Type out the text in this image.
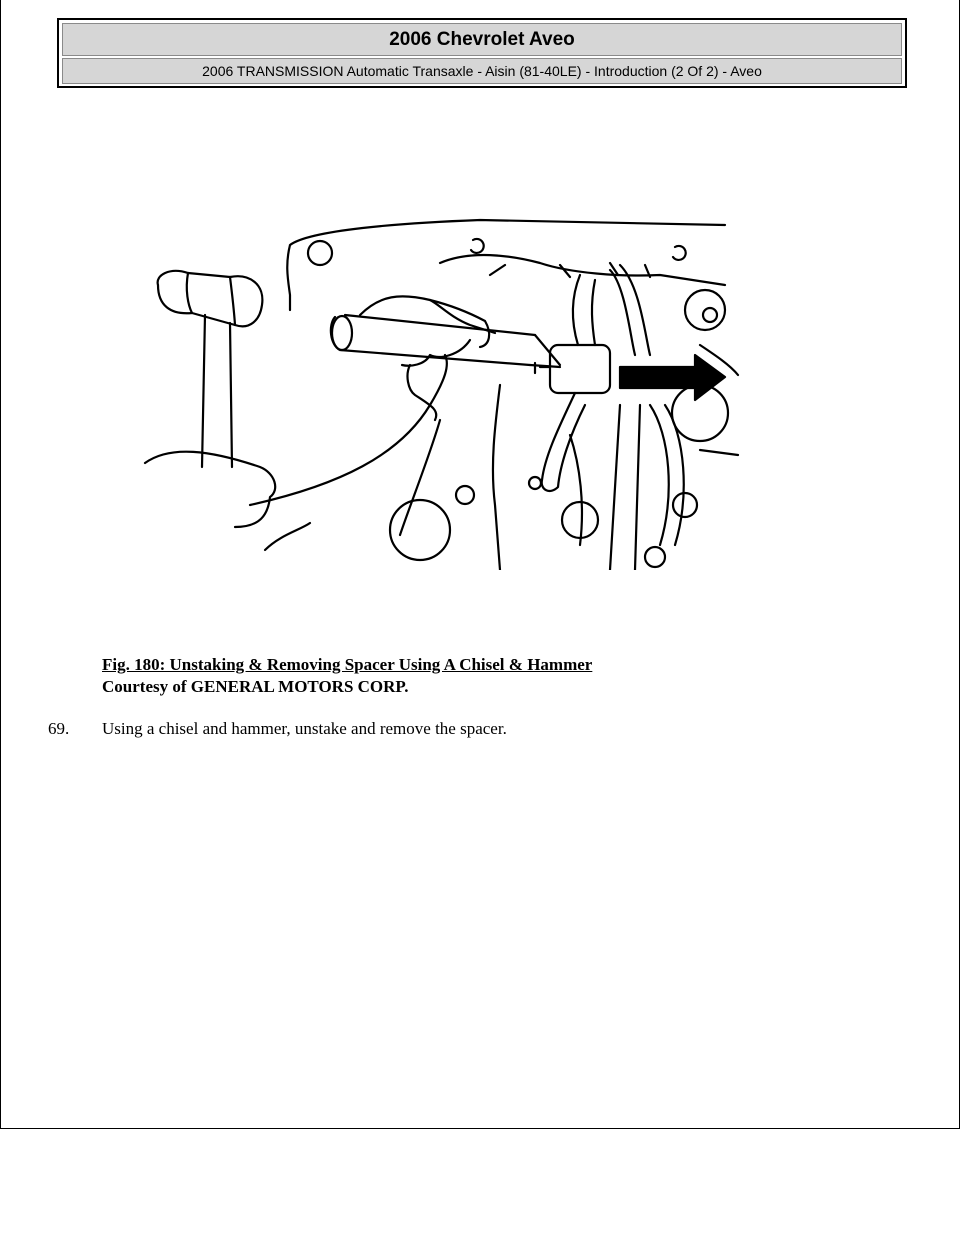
2006 Chevrolet Aveo
2006 TRANSMISSION Automatic Transaxle - Aisin (81-40LE) - Introduction (2 Of 2) - Aveo
Fig. 180: Unstaking & Removing Spacer Using A Chisel & Hammer
Courtesy of GENERAL MOTORS CORP.
69. Using a chisel and hammer, unstake and remove the spacer.
